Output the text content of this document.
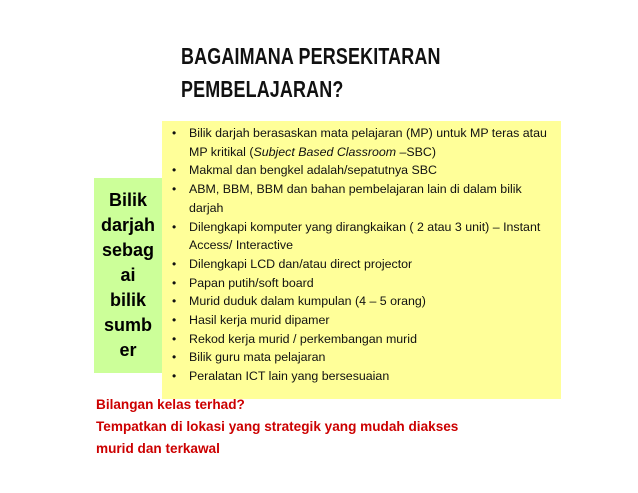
BAGAIMANA PERSEKITARAN
PEMBELAJARAN?
Bilik
darjah
sebag
ai
bilik
sumb
er
• Bilik darjah berasaskan mata pelajaran (MP) untuk MP teras atau MP kritikal (Subject Based Classroom –SBC)
• Makmal dan bengkel adalah/sepatutnya SBC
• ABM, BBM, BBM dan bahan pembelajaran lain di dalam bilik darjah
• Dilengkapi komputer yang dirangkaikan ( 2 atau 3 unit) – Instant Access/ Interactive
• Dilengkapi LCD dan/atau direct projector
• Papan putih/soft board
• Murid duduk dalam kumpulan (4 – 5 orang)
• Hasil kerja murid dipamer
• Rekod kerja murid / perkembangan murid
• Bilik guru mata pelajaran
• Peralatan ICT lain yang bersesuaian
Bilangan kelas terhad?
Tempatkan di lokasi yang strategik yang mudah diakses
murid dan terkawal
